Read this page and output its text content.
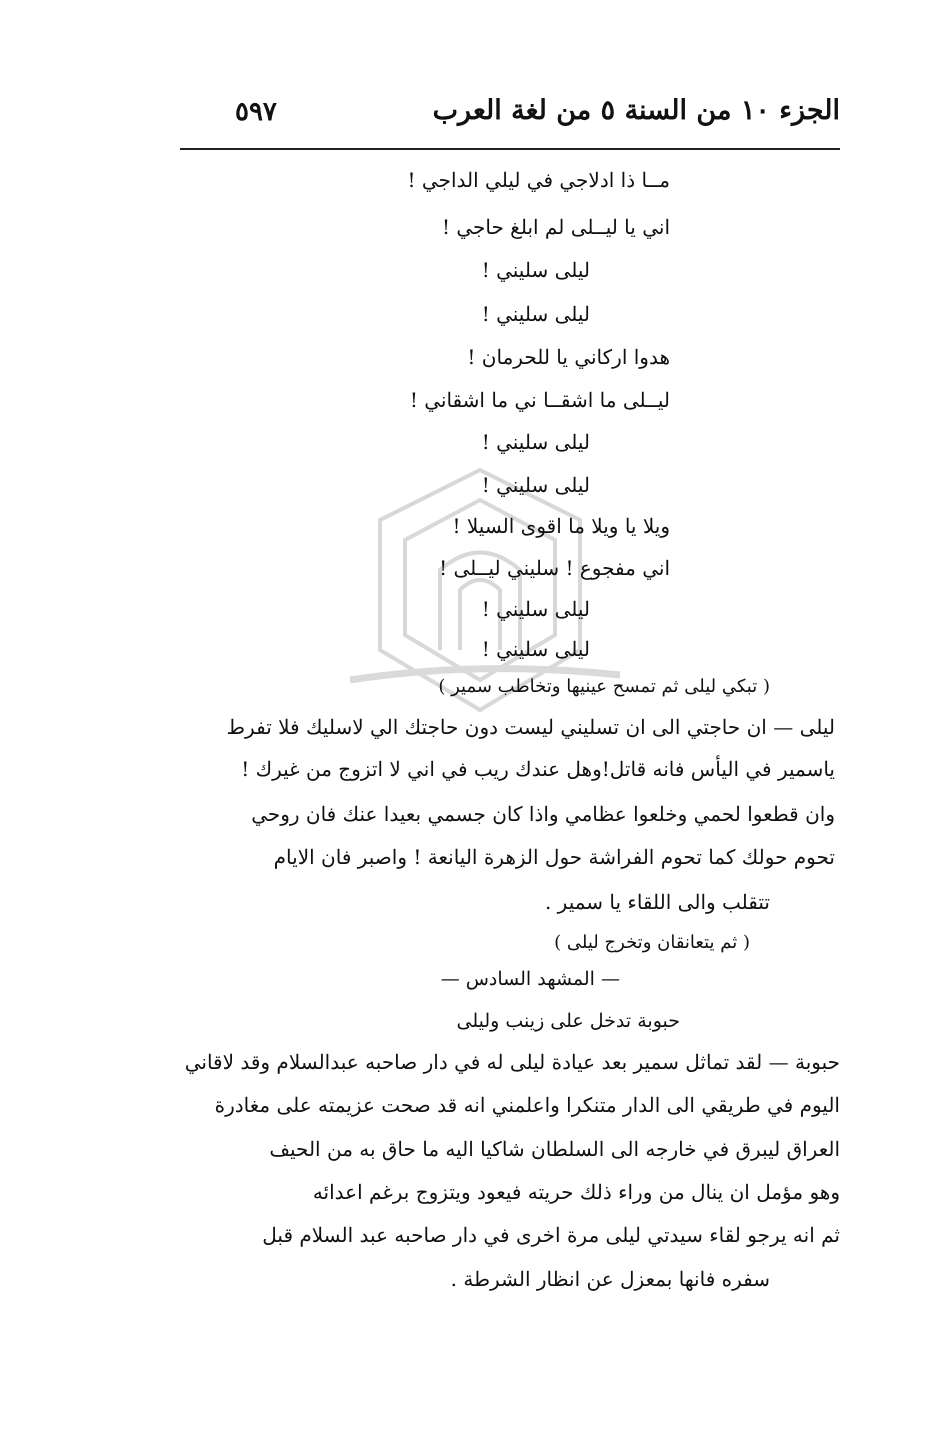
الجزء ١٠ من السنة ٥ من لغة العرب
٥٩٧
مــا ذا ادلاجي في ليلي الداجي !
اني يا ليــلى لم ابلغ حاجي !
ليلى سليني !
ليلى سليني !
هدوا اركاني يا للحرمان !
ليــلى ما اشقــا ني ما اشقاني !
ليلى سليني !
ليلى سليني !
ويلا يا ويلا ما اقوى السيلا !
اني مفجوع ! سليني ليــلى !
ليلى سليني !
ليلى سليني !
( تبكي ليلى ثم تمسح عينيها وتخاطب سمير )
ليلى — ان حاجتي الى ان تسليني ليست دون حاجتك الي لاسليك فلا تفرط
ياسمير في اليأس فانه قاتل!وهل عندك ريب في اني لا اتزوج من غيرك !
وان قطعوا لحمي وخلعوا عظامي واذا كان جسمي بعيدا عنك فان روحي
تحوم حولك كما تحوم الفراشة حول الزهرة اليانعة ! واصبر فان الايام
تتقلب والى اللقاء يا سمير .
( ثم يتعانقان وتخرج ليلى )
— المشهد السادس —
حبوبة تدخل على زينب وليلى
حبوبة — لقد تماثل سمير بعد عيادة ليلى له في دار صاحبه عبدالسلام وقد لاقاني
اليوم في طريقي الى الدار متنكرا واعلمني انه قد صحت عزيمته على مغادرة
العراق ليبرق في خارجه الى السلطان شاكيا اليه ما حاق به من الحيف
وهو مؤمل ان ينال من وراء ذلك حريته فيعود ويتزوج برغم اعدائه
ثم انه يرجو لقاء سيدتي ليلى مرة اخرى في دار صاحبه عبد السلام قبل
سفره فانها بمعزل عن انظار الشرطة .
